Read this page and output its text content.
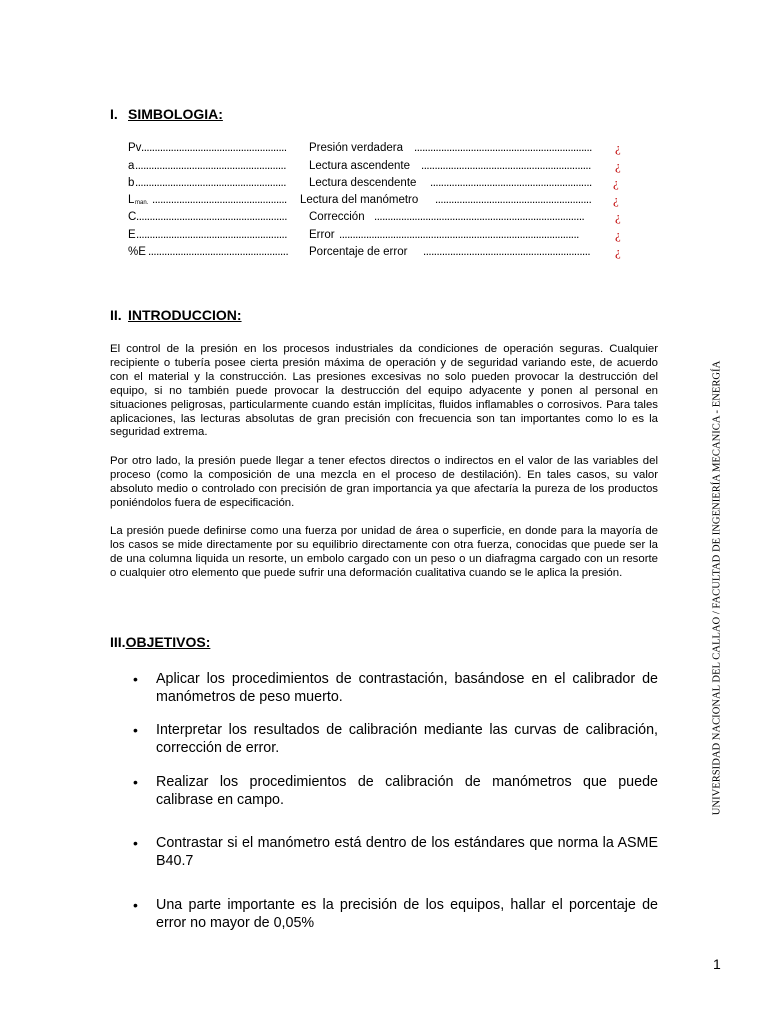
I. SIMBOLOGIA:
Pv ...................................................... Presión verdadera .................................................................. ¿
a ........................................................ Lectura ascendente ............................................................... ¿
b ........................................................ Lectura descendente ............................................................ ¿
L man. .................................................. Lectura del manómetro .......................................................... ¿
C ........................................................ Corrección .............................................................................. ¿
E ........................................................ Error .........................................................................................	¿
%E .................................................... Porcentaje de error .............................................................. ¿
II. INTRODUCCION:

El control de la presión en los procesos industriales da condiciones de operación seguras. Cualquier recipiente o tubería posee cierta presión máxima de operación y de seguridad variando este, de acuerdo con el material y la construcción. Las presiones excesivas no solo pueden provocar la destrucción del equipo, si no también puede provocar la destrucción del equipo adyacente y ponen al personal en situaciones peligrosas, particularmente cuando están implícitas, fluidos inflamables o corrosivos. Para tales aplicaciones, las lecturas absolutas de gran precisión con frecuencia son tan importantes como lo es la seguridad extrema.

Por otro lado, la presión puede llegar a tener efectos directos o indirectos en el valor de las variables del proceso (como la composición de una mezcla en el proceso de destilación). En tales casos, su valor absoluto medio o controlado con precisión de gran importancia ya que afectaría la pureza de los productos poniéndolos fuera de especificación.

La presión puede definirse como una fuerza por unidad de área o superficie, en donde para la mayoría de los casos se mide directamente por su equilibrio directamente con otra fuerza, conocidas que puede ser la de una columna liquida un resorte, un embolo cargado con un peso o un diafragma cargado con un resorte o cualquier otro elemento que puede sufrir una deformación cualitativa cuando se le aplica la presión.

III.OBJETIVOS:
• Aplicar los procedimientos de contrastación, basándose en el calibrador de manómetros de peso muerto.
• Interpretar los resultados de calibración mediante las curvas de calibración, corrección de error.
• Realizar los procedimientos de calibración de manómetros que puede calibrase en campo.
• Contrastar si el manómetro está dentro de los estándares que norma la ASME B40.7
• Una parte importante es la precisión de los equipos, hallar el porcentaje de error no mayor de 0,05%
UNIVERSIDAD NACIONAL DEL CALLAO / FACULTAD DE INGENIERÍA MECANICA - ENERGÍA
1
